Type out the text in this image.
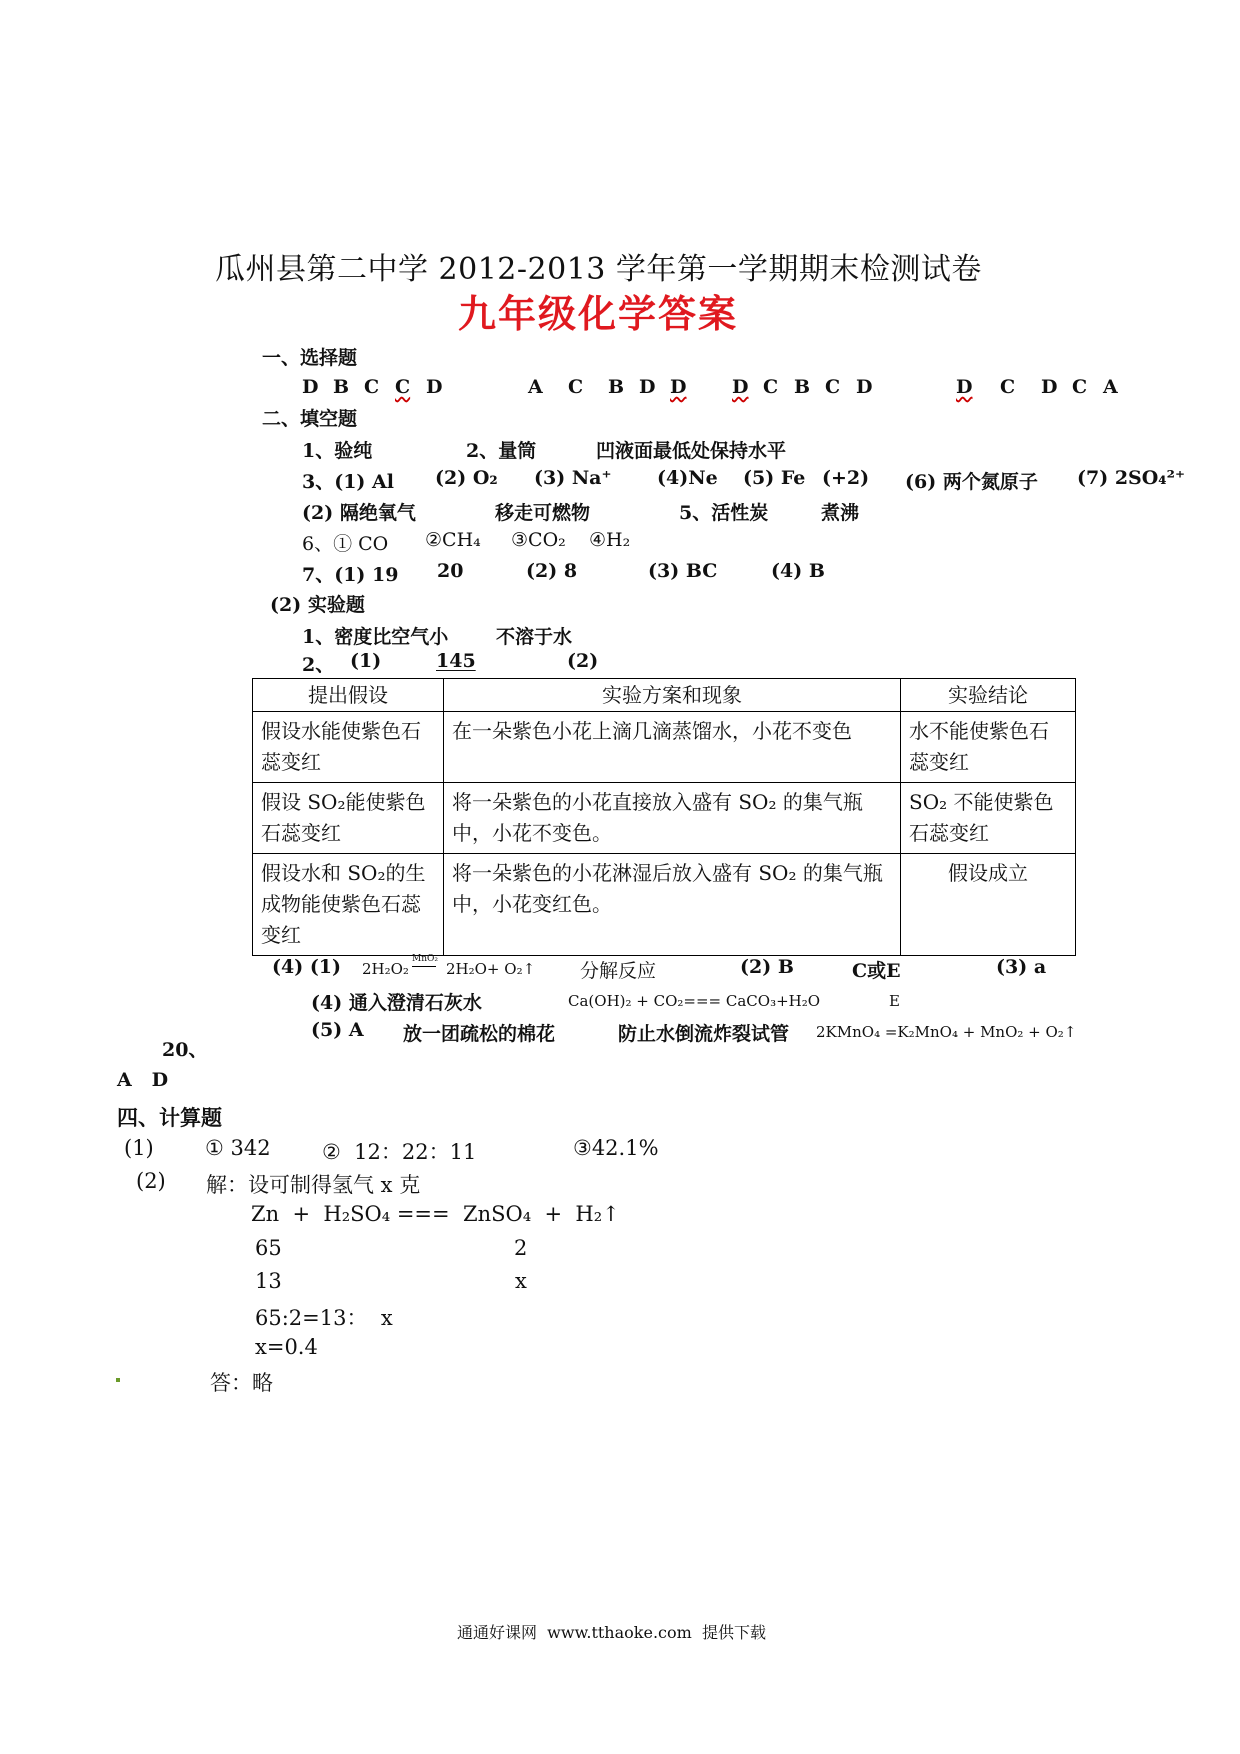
瓜州县第二中学 2012-2013 学年第一学期期末检测试卷
九年级化学答案
一、选择题
D B C C D	A C B D D	D C B C D	D C D C A
二、填空题
1、验纯	2、量筒	凹液面最低处保持水平
3、(1) Al (2) O₂ (3) Na⁺ (4)Ne (5) Fe (+2) (6) 两个氮原子 (7) 2SO₄²⁺
(2) 隔绝氧气	移走可燃物	5、活性炭	煮沸
6、① CO ②CH₄ ③CO₂ ④H₂
7、(1) 19 20	(2) 8	(3) BC	(4) B
(2) 实验题
1、密度比空气小	不溶于水
2、 (1)	145	(2)
提出假设	实验方案和现象	实验结论
假设水能使紫色石蕊变红	在一朵紫色小花上滴几滴蒸馏水，小花不变色	水不能使紫色石蕊变红
假设 SO₂能使紫色石蕊变红	将一朵紫色的小花直接放入盛有 SO₂ 的集气瓶中，小花不变色。	SO₂ 不能使紫色石蕊变红
假设水和 SO₂的生成物能使紫色石蕊变红	将一朵紫色的小花淋湿后放入盛有 SO₂ 的集气瓶中，小花变红色。	假设成立
(4) (1) 2H₂O₂
MnO₂
2H₂O+ O₂↑ 分解反应	(2) B	C或E	(3) a
(4) 通入澄清石灰水	Ca(OH)₂ + CO₂=== CaCO₃+H₂O	E
(5) A 放一团疏松的棉花	防止水倒流炸裂试管 2KMnO₄ =K₂MnO₄ + MnO₂ + O₂↑
20、
A   D
四、计算题
(1) ① 342 ②  12：22：11	③42.1%
(2) 解：设可制得氢气 x 克
Zn  +  H₂SO₄ ===  ZnSO₄  +  H₂↑
65	2
13	x
65:2=13：  x
x=0.4
答：略
通通好课网  www.tthaoke.com  提供下载
